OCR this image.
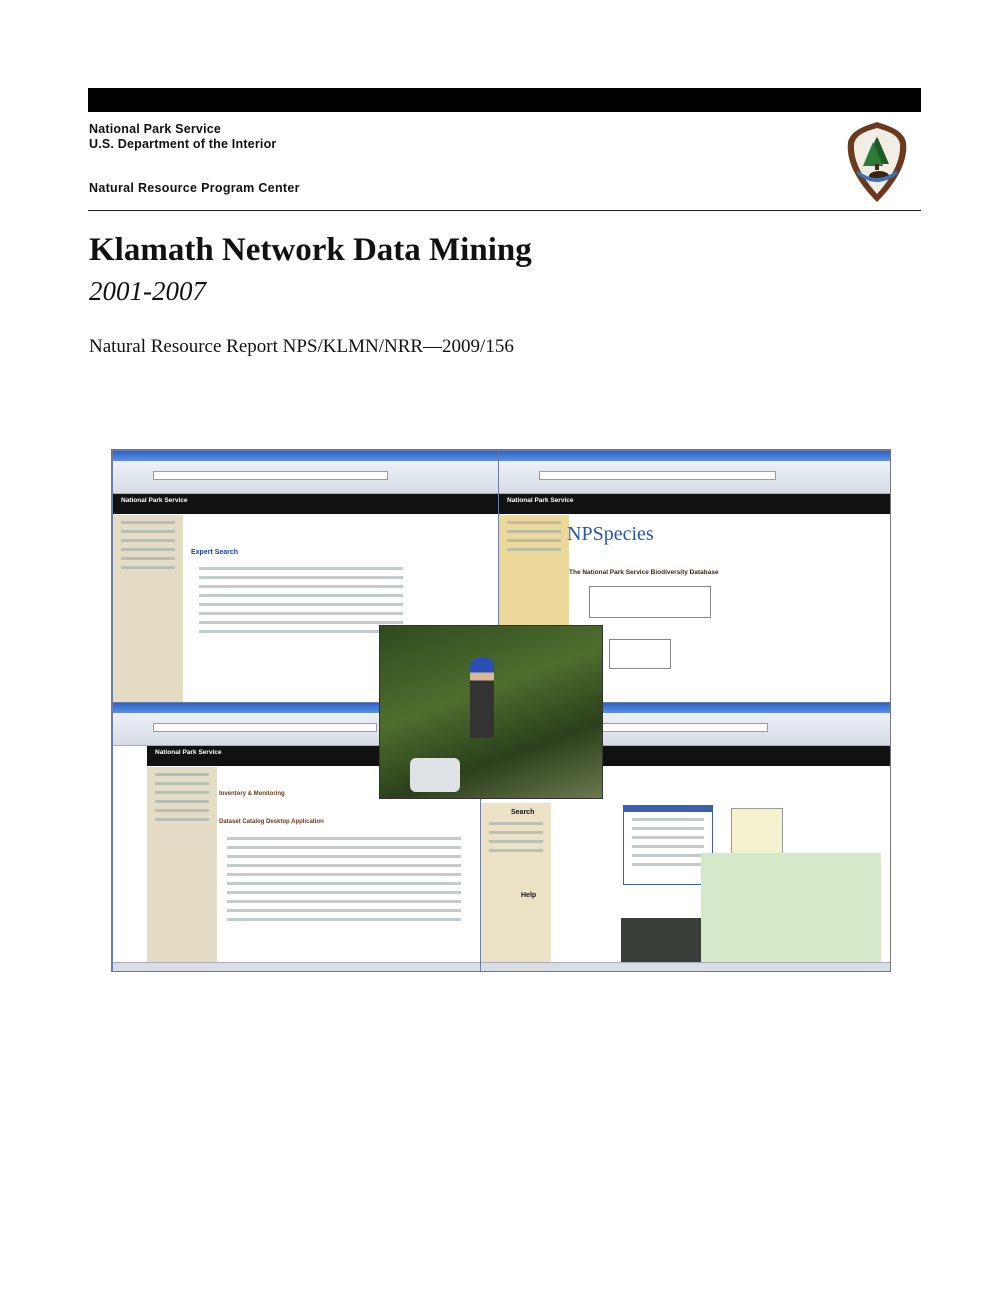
National Park Service
U.S. Department of the Interior
Natural Resource Program Center
NATIONAL
Klamath Network Data Mining
2001-2007
Natural Resource Report NPS/KLMN/NRR—2009/156
National Park Service
Expert Search
National Park Service
NPSpecies
The National Park Service Biodiversity Database
National Park Service
Inventory & Monitoring
Dataset Catalog Desktop Application
Search
Help
